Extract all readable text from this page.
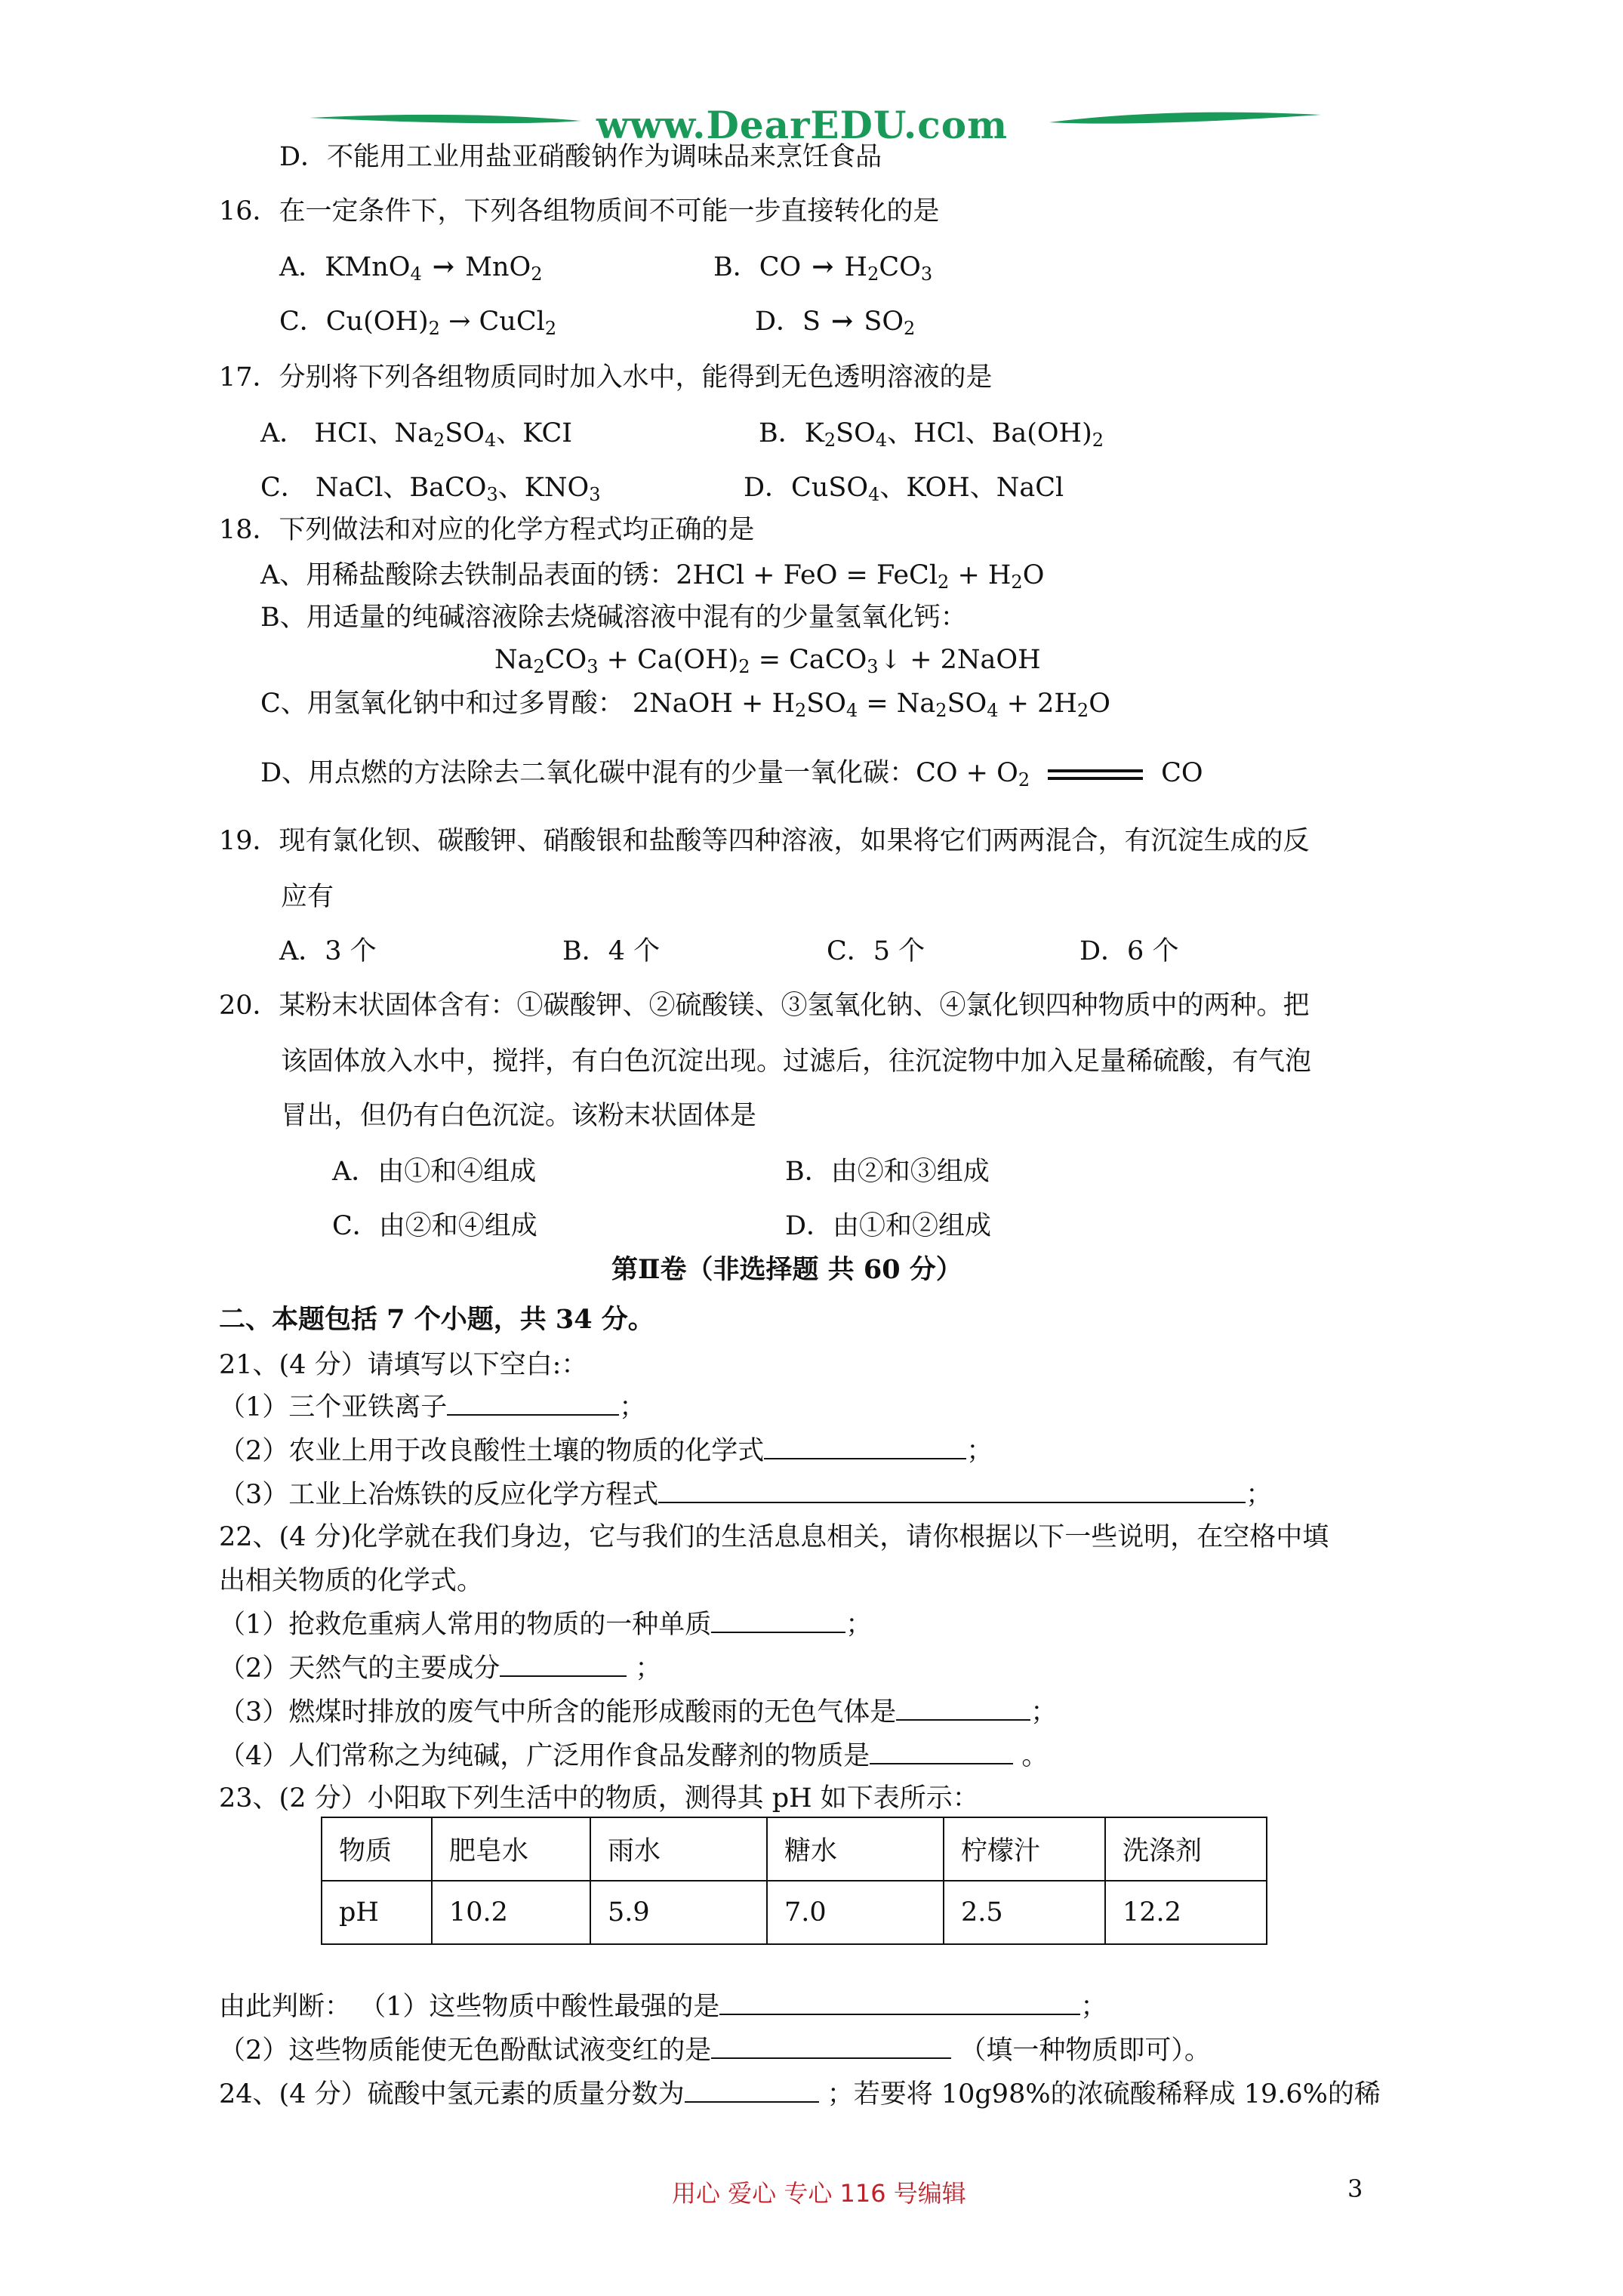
www.DearEDU.com
D．不能用工业用盐亚硝酸钠作为调味品来烹饪食品
16．在一定条件下，下列各组物质间不可能一步直接转化的是
A．KMnO$_4$ → MnO$_2$	B．CO → $H_2CO_3$
C．$Cu(OH)_2$ → CuCl$_2$	D．$S \to SO_2$
17．分别将下列各组物质同时加入水中，能得到无色透明溶液的是
A． HCI、$Na_2SO_4$、KCI	B．$K_2SO_4$、HCl、$Ba(OH)_2$
C． NaCl、BaCO$_3$、$KNO_3$	D．CuSO$_4$、KOH、NaCl
18．下列做法和对应的化学方程式均正确的是
A、用稀盐酸除去铁制品表面的锈：2HCl + FeO = FeCl$_2$ + $H_2O$
B、用适量的纯碱溶液除去烧碱溶液中混有的少量氢氧化钙：
$Na_2CO_3 + Ca(OH)_2$ = CaCO$_3$↓ + 2NaOH
C、用氢氧化钠中和过多胃酸： 2NaOH + $H_2SO_4 = Na_2SO_4 + 2H_2O$
D、用点燃的方法除去二氧化碳中混有的少量一氧化碳：CO + $O_2$	CO
19．现有氯化钡、碳酸钾、硝酸银和盐酸等四种溶液，如果将它们两两混合，有沉淀生成的反
应有
A．3 个	B．4 个	C．5 个	D．6 个
20．某粉末状固体含有：①碳酸钾、②硫酸镁、③氢氧化钠、④氯化钡四种物质中的两种。把
该固体放入水中，搅拌，有白色沉淀出现。过滤后，往沉淀物中加入足量稀硫酸，有气泡
冒出，但仍有白色沉淀。该粉末状固体是
A．由①和④组成	B．由②和③组成
C．由②和④组成	D．由①和②组成
第Ⅱ卷（非选择题 共 60 分）
二、本题包括 7 个小题，共 34 分。
21、(4 分）请填写以下空白:：
（1）三个亚铁离子	；
（2）农业上用于改良酸性土壤的物质的化学式	；
（3）工业上冶炼铁的反应化学方程式	；
22、(4 分)化学就在我们身边，它与我们的生活息息相关，请你根据以下一些说明，在空格中填
出相关物质的化学式。
（1）抢救危重病人常用的物质的一种单质	；
（2）天然气的主要成分	；
（3）燃煤时排放的废气中所含的能形成酸雨的无色气体是	；
（4）人们常称之为纯碱，广泛用作食品发酵剂的物质是	。
23、(2 分）小阳取下列生活中的物质，测得其 pH 如下表所示：
物质	肥皂水	雨水	糖水	柠檬汁	洗涤剂
pH	10.2	5.9	7.0	2.5	12.2
由此判断： （1）这些物质中酸性最强的是	；
（2）这些物质能使无色酚酞试液变红的是	（填一种物质即可）。
24、(4 分）硫酸中氢元素的质量分数为	；若要将 10g98%的浓硫酸稀释成 19.6%的稀
用心 爱心 专心 116 号编辑	3
